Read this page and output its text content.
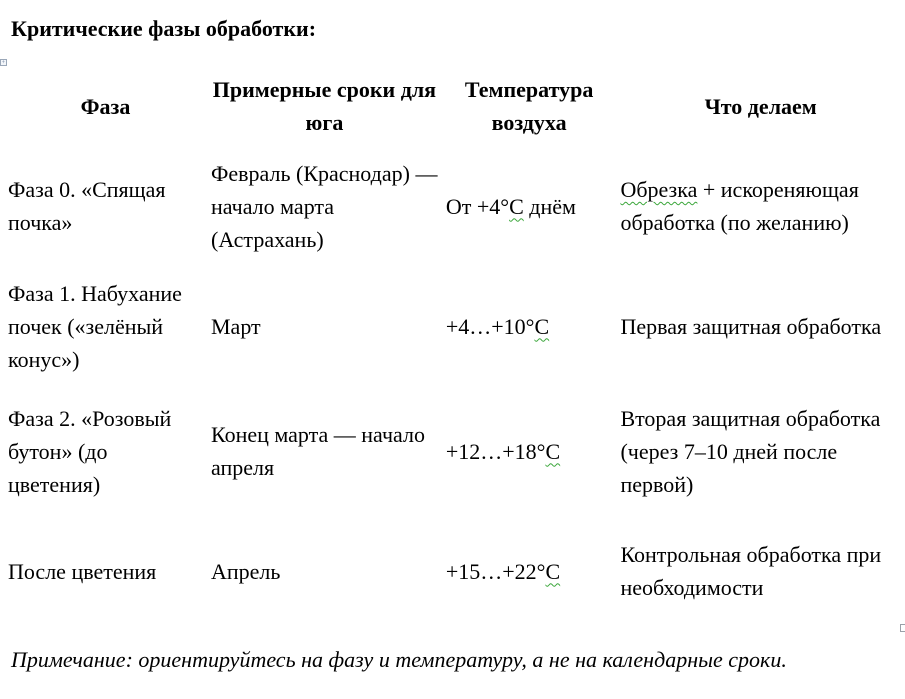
Критические фазы обработки:
+
Фаза	Примерные сроки для юга	Температура воздуха	Что делаем
Фаза 0. «Спящая почка»	Февраль (Краснодар) — начало марта (Астрахань)	От +4°C днём	Обрезка + искореняющая обработка (по желанию)
Фаза 1. Набухание почек («зелёный конус»)	Март	+4…+10°C	Первая защитная обработка
Фаза 2. «Розовый бутон» (до цветения)	Конец марта — начало апреля	+12…+18°C	Вторая защитная обработка (через 7–10 дней после первой)
После цветения	Апрель	+15…+22°C	Контрольная обработка при необходимости

Примечание: ориентируйтесь на фазу и температуру, а не на календарные сроки.
